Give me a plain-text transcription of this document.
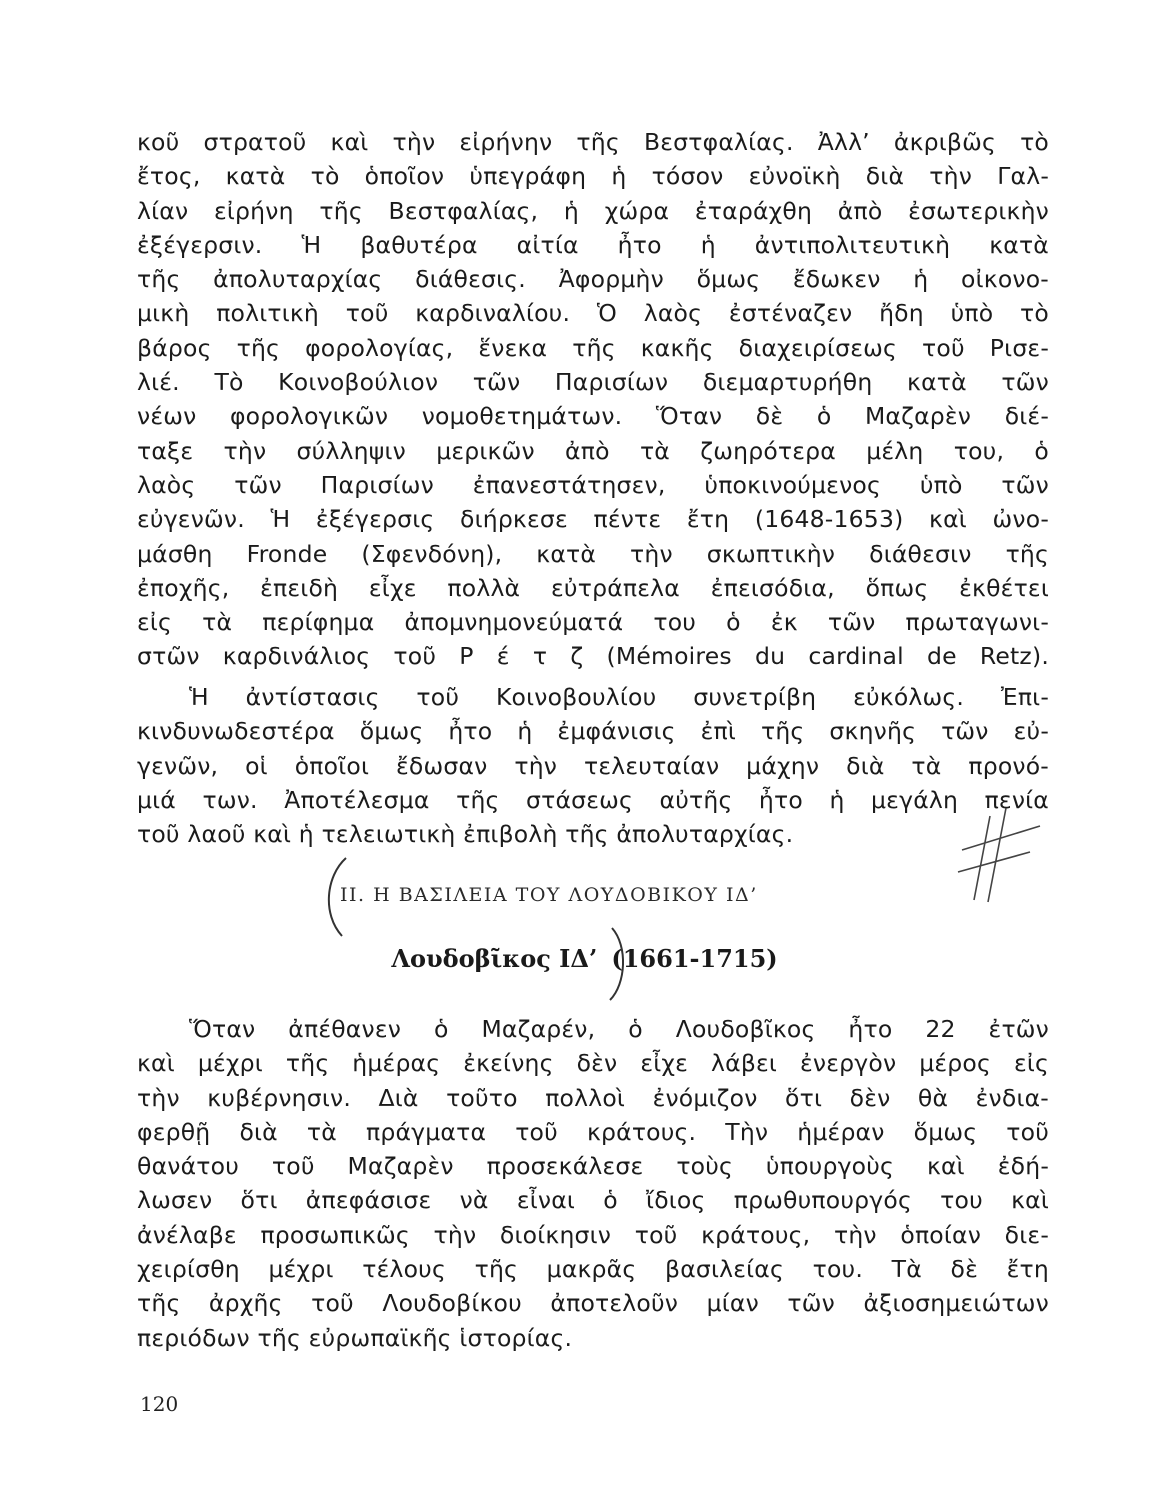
κοῦ στρατοῦ καὶ τὴν εἰρήνην τῆς Βεστφαλίας. Ἀλλ’ ἀκριβῶς τὸ
ἔτος, κατὰ τὸ ὁποῖον ὑπεγράφη ἡ τόσον εὐνοϊκὴ διὰ τὴν Γαλ-
λίαν εἰρήνη τῆς Βεστφαλίας, ἡ χώρα ἐταράχθη ἀπὸ ἐσωτερικὴν
ἐξέγερσιν. Ἡ βαθυτέρα αἰτία ἦτο ἡ ἀντιπολιτευτικὴ κατὰ
τῆς ἀπολυταρχίας διάθεσις. Ἀφορμὴν ὅμως ἔδωκεν ἡ οἰκονο-
μικὴ πολιτικὴ τοῦ καρδιναλίου. Ὁ λαὸς ἐστέναζεν ἤδη ὑπὸ τὸ
βάρος τῆς φορολογίας, ἕνεκα τῆς κακῆς διαχειρίσεως τοῦ Ρισε-
λιέ. Τὸ Κοινοβούλιον τῶν Παρισίων διεμαρτυρήθη κατὰ τῶν
νέων φορολογικῶν νομοθετημάτων. Ὅταν δὲ ὁ Μαζαρὲν διέ-
ταξε τὴν σύλληψιν μερικῶν ἀπὸ τὰ ζωηρότερα μέλη του, ὁ
λαὸς τῶν Παρισίων ἐπανεστάτησεν, ὑποκινούμενος ὑπὸ τῶν
εὐγενῶν. Ἡ ἐξέγερσις διήρκεσε πέντε ἔτη (1648-1653) καὶ ὠνο-
μάσθη Fronde (Σφενδόνη), κατὰ τὴν σκωπτικὴν διάθεσιν τῆς
ἐποχῆς, ἐπειδὴ εἶχε πολλὰ εὐτράπελα ἐπεισόδια, ὅπως ἐκθέτει
εἰς τὰ περίφημα ἀπομνημονεύματά του ὁ ἐκ τῶν πρωταγωνι-
στῶν καρδινάλιος τοῦ Ρ έ τ ζ (Mémoires du cardinal de Retz).
Ἡ ἀντίστασις τοῦ Κοινοβουλίου συνετρίβη εὐκόλως. Ἐπι-
κινδυνωδεστέρα ὅμως ἦτο ἡ ἐμφάνισις ἐπὶ τῆς σκηνῆς τῶν εὐ-
γενῶν, οἱ ὁποῖοι ἔδωσαν τὴν τελευταίαν μάχην διὰ τὰ προνό-
μιά των. Ἀποτέλεσμα τῆς στάσεως αὐτῆς ἦτο ἡ μεγάλη πενία
τοῦ λαοῦ καὶ ἡ τελειωτικὴ ἐπιβολὴ τῆς ἀπολυταρχίας.
II. Η ΒΑΣΙΛΕΙΑ ΤΟΥ ΛΟΥΔΟΒΙΚΟΥ ΙΔ’
Λουδοβῖκος ΙΔ’ (1661-1715)
Ὅταν ἀπέθανεν ὁ Μαζαρέν, ὁ Λουδοβῖκος ἦτο 22 ἐτῶν
καὶ μέχρι τῆς ἡμέρας ἐκείνης δὲν εἶχε λάβει ἐνεργὸν μέρος εἰς
τὴν κυβέρνησιν. Διὰ τοῦτο πολλοὶ ἐνόμιζον ὅτι δὲν θὰ ἐνδια-
φερθῇ διὰ τὰ πράγματα τοῦ κράτους. Τὴν ἡμέραν ὅμως τοῦ
θανάτου τοῦ Μαζαρὲν προσεκάλεσε τοὺς ὑπουργοὺς καὶ ἐδή-
λωσεν ὅτι ἀπεφάσισε νὰ εἶναι ὁ ἴδιος πρωθυπουργός του καὶ
ἀνέλαβε προσωπικῶς τὴν διοίκησιν τοῦ κράτους, τὴν ὁποίαν διε-
χειρίσθη μέχρι τέλους τῆς μακρᾶς βασιλείας του. Τὰ δὲ ἔτη
τῆς ἀρχῆς τοῦ Λουδοβίκου ἀποτελοῦν μίαν τῶν ἀξιοσημειώτων
περιόδων τῆς εὐρωπαϊκῆς ἱστορίας.
120
